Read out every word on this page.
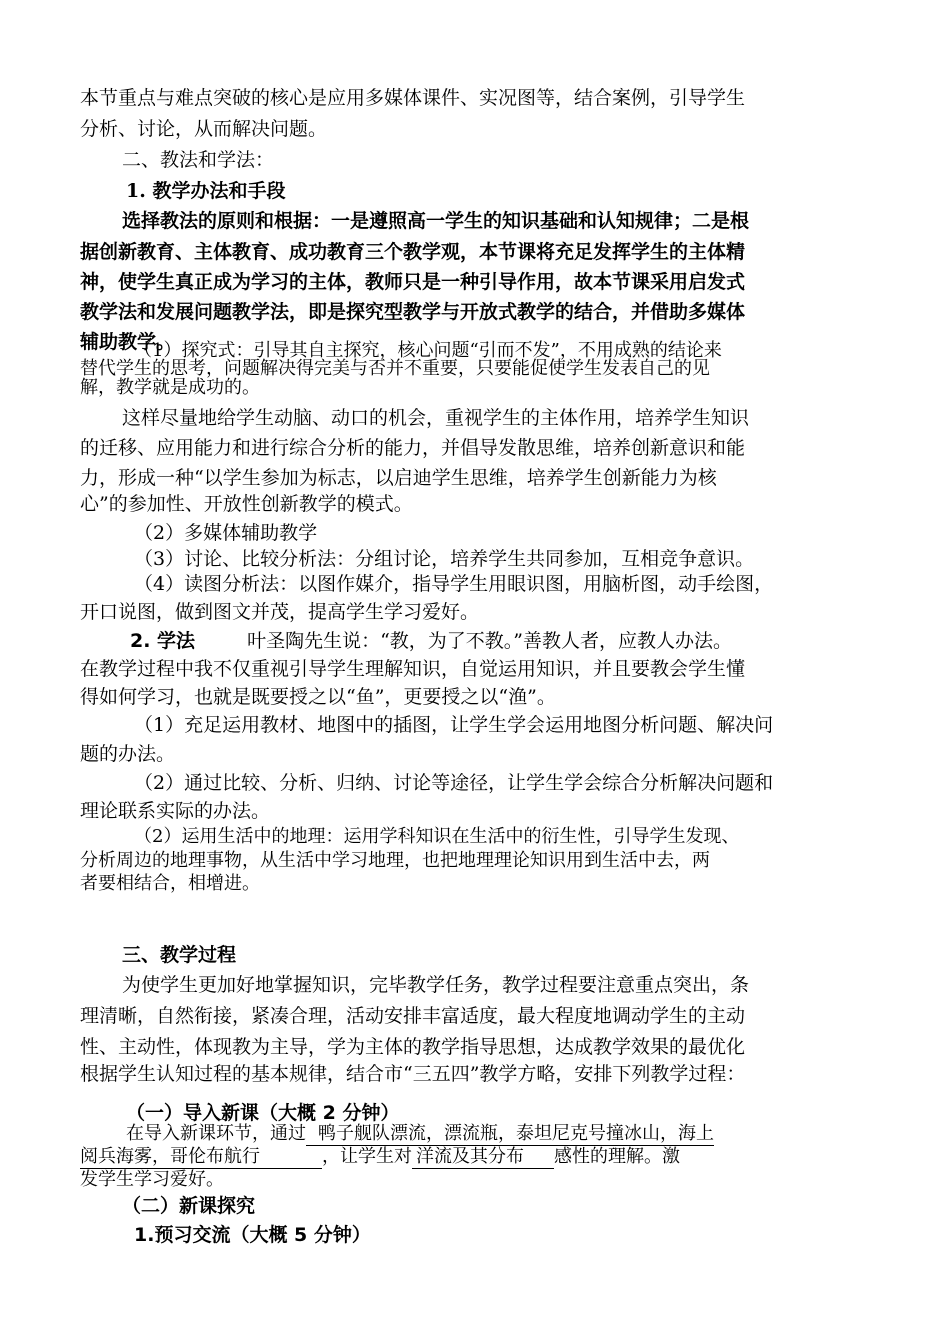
本节重点与难点突破的核心是应用多媒体课件、实况图等，结合案例，引导学生
分析、讨论，从而解决问题。
二、教法和学法：
1. 教学办法和手段
选择教法的原则和根据：一是遵照高一学生的知识基础和认知规律；二是根
据创新教育、主体教育、成功教育三个教学观，本节课将充足发挥学生的主体精
神，使学生真正成为学习的主体，教师只是一种引导作用，故本节课采用启发式
教学法和发展问题教学法，即是探究型教学与开放式教学的结合，并借助多媒体
辅助教学。
（1）探究式：引导其自主探究，核心问题“引而不发”，不用成熟的结论来
替代学生的思考，问题解决得完美与否并不重要，只要能促使学生发表自己的见
解，教学就是成功的。
这样尽量地给学生动脑、动口的机会，重视学生的主体作用，培养学生知识
的迁移、应用能力和进行综合分析的能力，并倡导发散思维，培养创新意识和能
力，形成一种“以学生参加为标志，以启迪学生思维，培养学生创新能力为核
心”的参加性、开放性创新教学的模式。
（2）多媒体辅助教学
（3）讨论、比较分析法：分组讨论，培养学生共同参加，互相竞争意识。
（4）读图分析法：以图作媒介，指导学生用眼识图，用脑析图，动手绘图，
开口说图，做到图文并茂，提高学生学习爱好。
2. 学法	叶圣陶先生说：“教，为了不教。”善教人者，应教人办法。
在教学过程中我不仅重视引导学生理解知识，自觉运用知识，并且要教会学生懂
得如何学习，也就是既要授之以“鱼”，更要授之以“渔”。
（1）充足运用教材、地图中的插图，让学生学会运用地图分析问题、解决问
题的办法。
（2）通过比较、分析、归纳、讨论等途径，让学生学会综合分析解决问题和
理论联系实际的办法。
（2）运用生活中的地理：运用学科知识在生活中的衍生性，引导学生发现、
分析周边的地理事物，从生活中学习地理，也把地理理论知识用到生活中去，两
者要相结合，相增进。
三、教学过程
为使学生更加好地掌握知识，完毕教学任务，教学过程要注意重点突出，条
理清晰，自然衔接，紧凑合理，活动安排丰富适度，最大程度地调动学生的主动
性、主动性，体现教为主导，学为主体的教学指导思想，达成教学效果的最优化
根据学生认知过程的基本规律，结合市“三五四”教学方略，安排下列教学过程：
（一）导入新课（大概 2 分钟）
在导入新课环节，通过 鸭子舰队漂流，漂流瓶，泰坦尼克号撞冰山，海上
阅兵海雾，哥伦布航行	，让学生对 洋流及其分布 感性的理解。激
发学生学习爱好。
（二）新课探究
1.预习交流（大概 5 分钟）
